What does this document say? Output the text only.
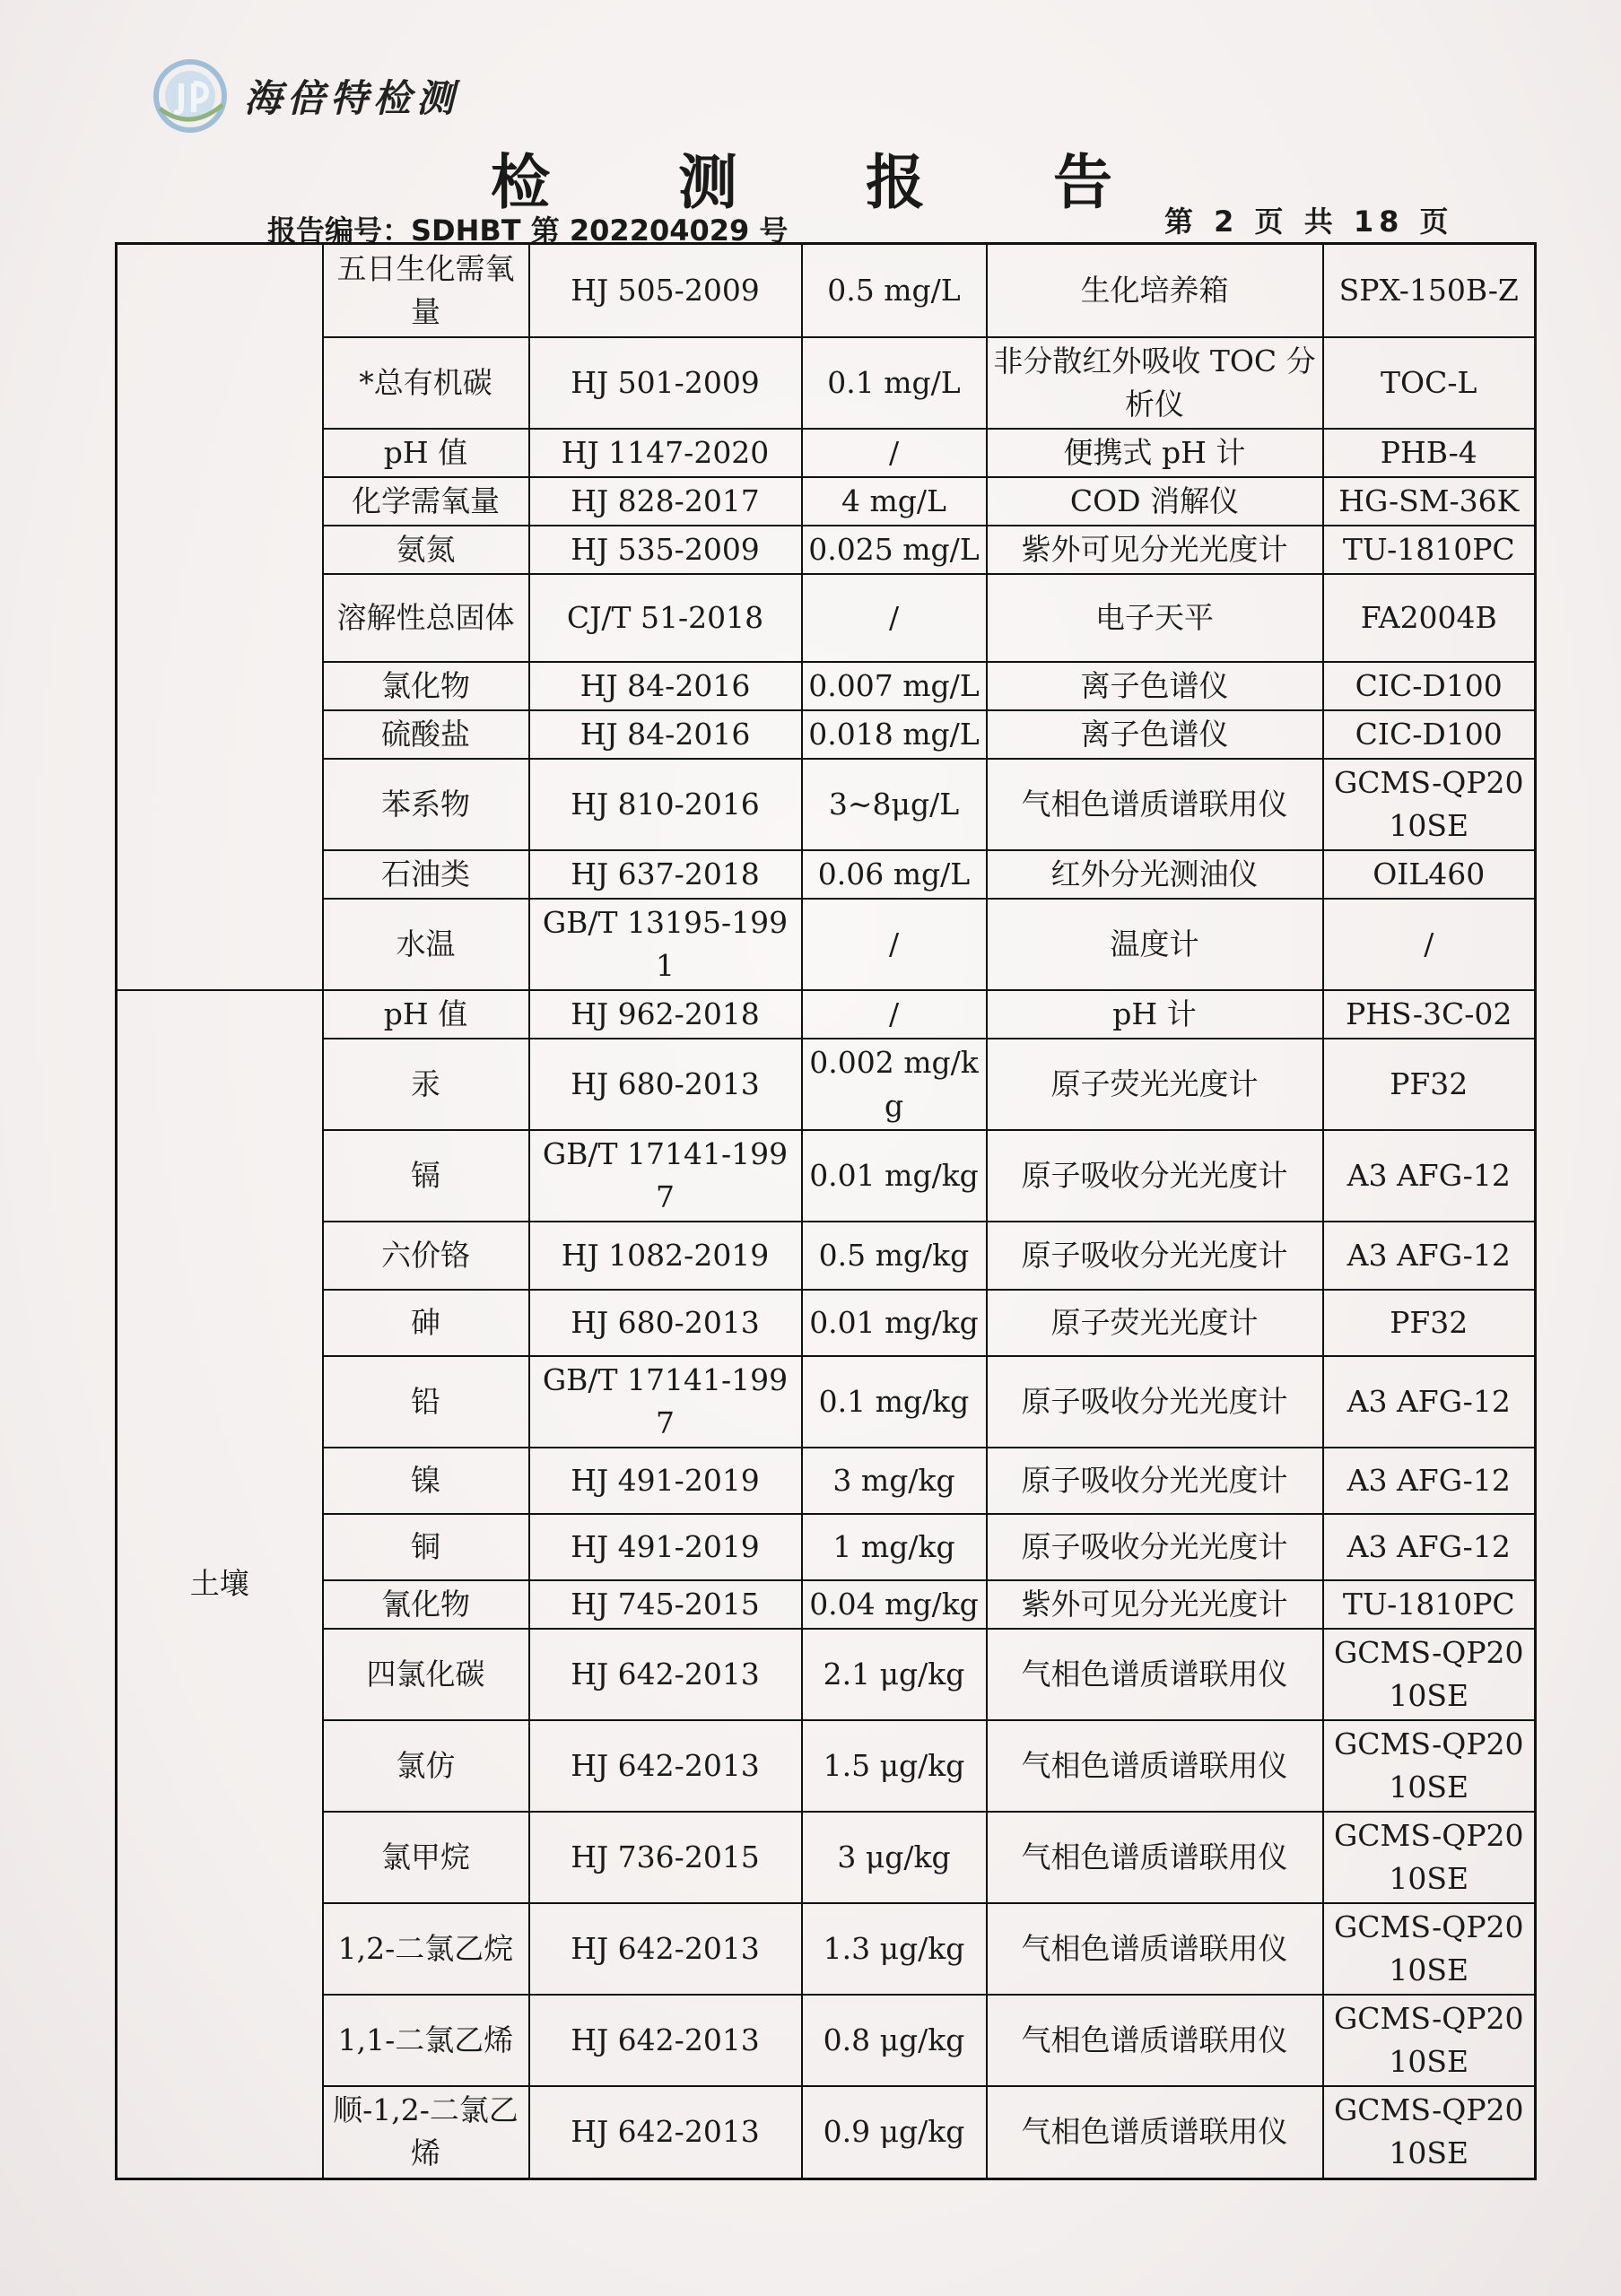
海倍特检测
检 测 报 告
报告编号：SDHBT 第 202204029 号	第 2 页 共 18 页
	五日生化需氧量	HJ 505-2009	0.5 mg/L	生化培养箱	SPX-150B-Z
	*总有机碳	HJ 501-2009	0.1 mg/L	非分散红外吸收 TOC 分析仪	TOC-L
	pH 值	HJ 1147-2020	/	便携式 pH 计	PHB-4
	化学需氧量	HJ 828-2017	4 mg/L	COD 消解仪	HG-SM-36K
	氨氮	HJ 535-2009	0.025 mg/L	紫外可见分光光度计	TU-1810PC
	溶解性总固体	CJ/T 51-2018	/	电子天平	FA2004B
	氯化物	HJ 84-2016	0.007 mg/L	离子色谱仪	CIC-D100
	硫酸盐	HJ 84-2016	0.018 mg/L	离子色谱仪	CIC-D100
	苯系物	HJ 810-2016	3~8μg/L	气相色谱质谱联用仪	GCMS-QP2010SE
	石油类	HJ 637-2018	0.06 mg/L	红外分光测油仪	OIL460
	水温	GB/T 13195-1991	/	温度计	/
土壤	pH 值	HJ 962-2018	/	pH 计	PHS-3C-02
	汞	HJ 680-2013	0.002 mg/kg	原子荧光光度计	PF32
	镉	GB/T 17141-1997	0.01 mg/kg	原子吸收分光光度计	A3 AFG-12
	六价铬	HJ 1082-2019	0.5 mg/kg	原子吸收分光光度计	A3 AFG-12
	砷	HJ 680-2013	0.01 mg/kg	原子荧光光度计	PF32
	铅	GB/T 17141-1997	0.1 mg/kg	原子吸收分光光度计	A3 AFG-12
	镍	HJ 491-2019	3 mg/kg	原子吸收分光光度计	A3 AFG-12
	铜	HJ 491-2019	1 mg/kg	原子吸收分光光度计	A3 AFG-12
	氰化物	HJ 745-2015	0.04 mg/kg	紫外可见分光光度计	TU-1810PC
	四氯化碳	HJ 642-2013	2.1 μg/kg	气相色谱质谱联用仪	GCMS-QP2010SE
	氯仿	HJ 642-2013	1.5 μg/kg	气相色谱质谱联用仪	GCMS-QP2010SE
	氯甲烷	HJ 736-2015	3 μg/kg	气相色谱质谱联用仪	GCMS-QP2010SE
	1,2-二氯乙烷	HJ 642-2013	1.3 μg/kg	气相色谱质谱联用仪	GCMS-QP2010SE
	1,1-二氯乙烯	HJ 642-2013	0.8 μg/kg	气相色谱质谱联用仪	GCMS-QP2010SE
	顺-1,2-二氯乙烯	HJ 642-2013	0.9 μg/kg	气相色谱质谱联用仪	GCMS-QP2010SE
